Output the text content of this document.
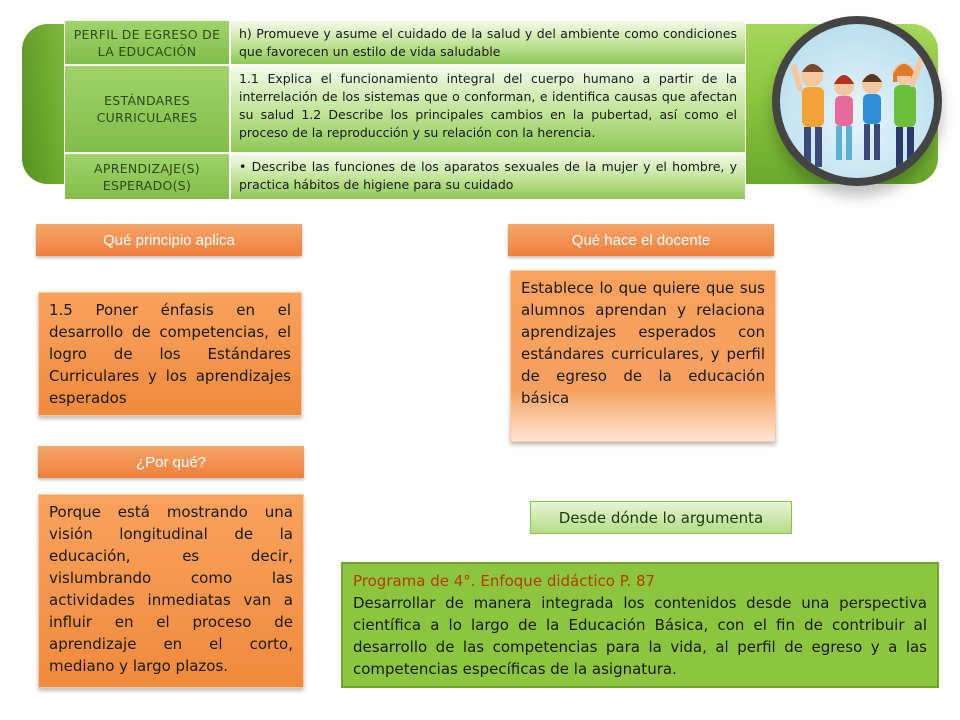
PERFIL DE EGRESO DE LA EDUCACIÓN
h) Promueve y asume el cuidado de la salud y del ambiente como condiciones que favorecen un estilo de vida saludable
ESTÁNDARES CURRICULARES
1.1 Explica el funcionamiento integral del cuerpo humano a partir de la interrelación de los sistemas que o conforman, e identifica causas que afectan su salud 1.2 Describe los principales cambios en la pubertad, así como el proceso de la reproducción y su relación con la herencia.
APRENDIZAJE(S) ESPERADO(S)
• Describe las funciones de los aparatos sexuales de la mujer y el hombre, y practica hábitos de higiene para su cuidado
Qué principio aplica
1.5 Poner énfasis en el desarrollo de competencias, el logro de los Estándares Curriculares y los aprendizajes esperados
¿Por qué?
Porque está mostrando una visión longitudinal de la educación, es decir, vislumbrando como las actividades inmediatas van a influir en el proceso de aprendizaje en el corto, mediano y largo plazos.
Qué hace el docente
Establece lo que quiere que sus alumnos aprendan y relaciona aprendizajes esperados con estándares curriculares, y perfil de egreso de la educación básica
Desde dónde lo argumenta
Programa de 4°. Enfoque didáctico P. 87
Desarrollar de manera integrada los contenidos desde una perspectiva científica a lo largo de la Educación Básica, con el fin de contribuir al desarrollo de las competencias para la vida, al perfil de egreso y a las competencias específicas de la asignatura.
